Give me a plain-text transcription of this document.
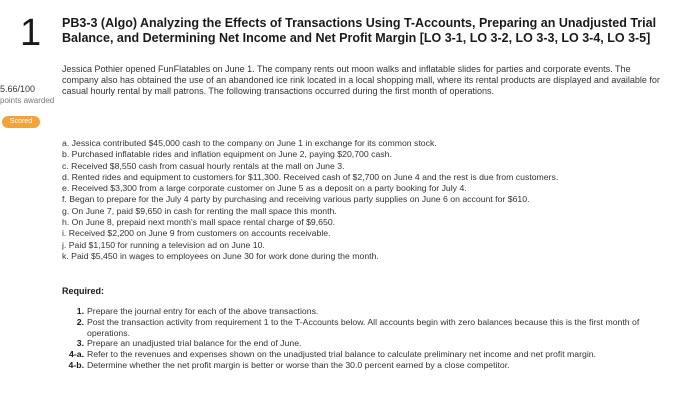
1
5.66/100
points awarded
Scored
PB3-3 (Algo) Analyzing the Effects of Transactions Using T-Accounts, Preparing an Unadjusted Trial Balance, and Determining Net Income and Net Profit Margin [LO 3-1, LO 3-2, LO 3-3, LO 3-4, LO 3-5]

Jessica Pothier opened FunFlatables on June 1. The company rents out moon walks and inflatable slides for parties and corporate events. The company also has obtained the use of an abandoned ice rink located in a local shopping mall, where its rental products are displayed and available for casual hourly rental by mall patrons. The following transactions occurred during the first month of operations.

a. Jessica contributed $45,000 cash to the company on June 1 in exchange for its common stock.
b. Purchased inflatable rides and inflation equipment on June 2, paying $20,700 cash.
c. Received $8,550 cash from casual hourly rentals at the mall on June 3.
d. Rented rides and equipment to customers for $11,300. Received cash of $2,700 on June 4 and the rest is due from customers.
e. Received $3,300 from a large corporate customer on June 5 as a deposit on a party booking for July 4.
f. Began to prepare for the July 4 party by purchasing and receiving various party supplies on June 6 on account for $610.
g. On June 7, paid $9,650 in cash for renting the mall space this month.
h. On June 8, prepaid next month's mall space rental charge of $9,650.
i. Received $2,200 on June 9 from customers on accounts receivable.
j. Paid $1,150 for running a television ad on June 10.
k. Paid $5,450 in wages to employees on June 30 for work done during the month.
Required:
1. Prepare the journal entry for each of the above transactions.
2. Post the transaction activity from requirement 1 to the T-Accounts below. All accounts begin with zero balances because this is the first month of operations.
3. Prepare an unadjusted trial balance for the end of June.
4-a. Refer to the revenues and expenses shown on the unadjusted trial balance to calculate preliminary net income and net profit margin.
4-b. Determine whether the net profit margin is better or worse than the 30.0 percent earned by a close competitor.
